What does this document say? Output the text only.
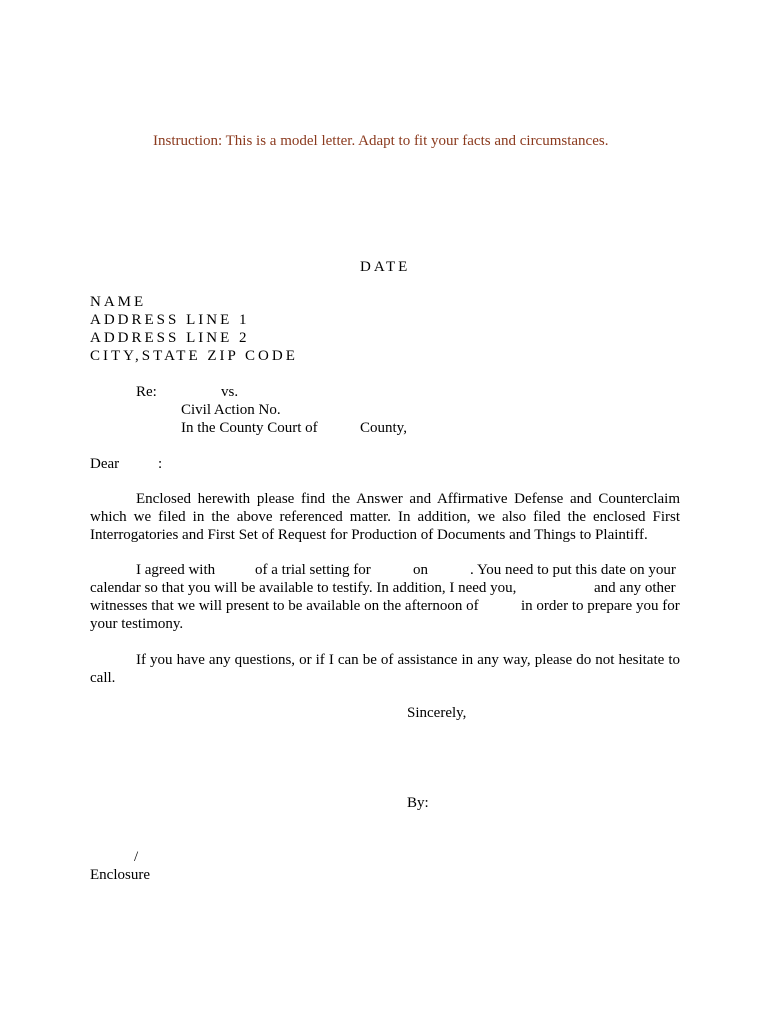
Instruction: This is a model letter. Adapt to fit your facts and circumstances.
DATE
NAME
ADDRESS LINE 1
ADDRESS LINE 2
CITY,STATE ZIP CODE
Re:	vs.
Civil Action No.
In the County Court of	County,
Dear	:
Enclosed herewith please find the Answer and Affirmative Defense and Counterclaim
which we filed in the above referenced matter. In addition, we also filed the enclosed First
Interrogatories and First Set of Request for Production of Documents and Things to Plaintiff.
I agreed with	of a trial setting for	on	. You need to put this date on your
calendar so that you will be available to testify. In addition, I need you,	and any other
witnesses that we will present to be available on the afternoon of	in order to prepare you for
your testimony.
If you have any questions, or if I can be of assistance in any way, please do not hesitate to
call.
Sincerely,
By:
/
Enclosure
